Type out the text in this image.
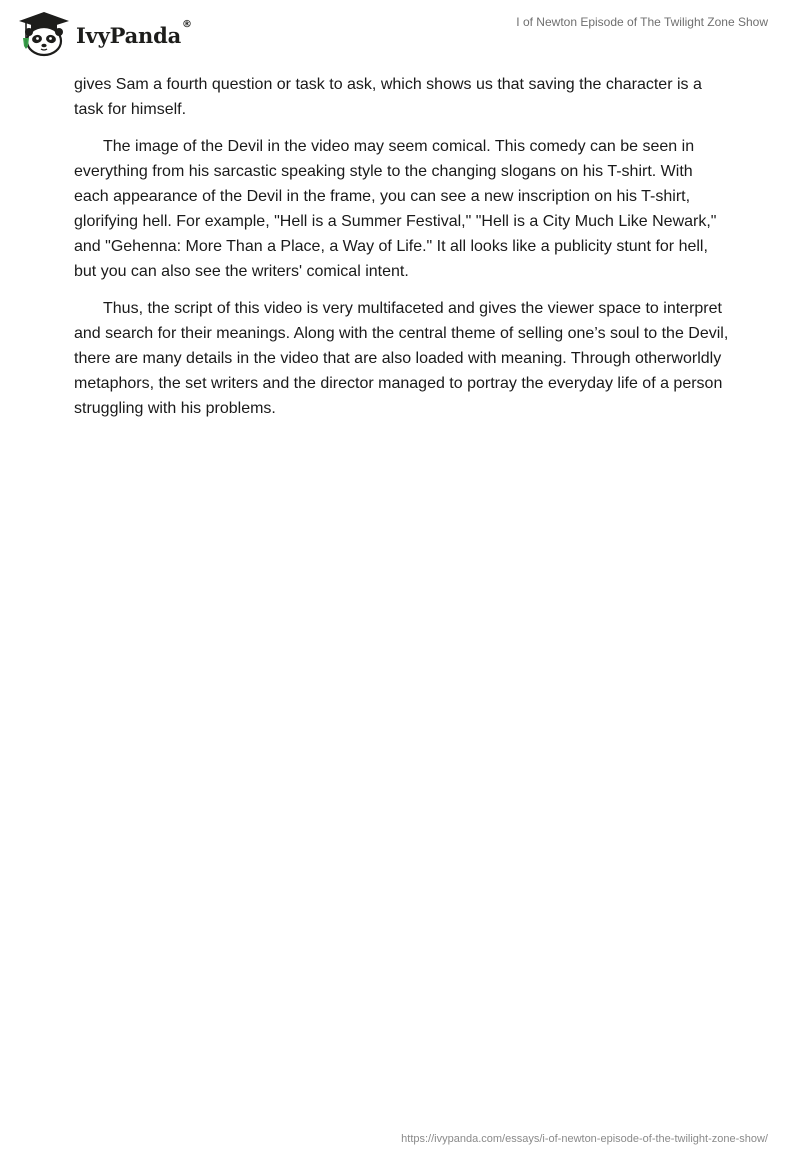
IvyPanda®	I of Newton Episode of The Twilight Zone Show

gives Sam a fourth question or task to ask, which shows us that saving the character is a task for himself.

The image of the Devil in the video may seem comical. This comedy can be seen in everything from his sarcastic speaking style to the changing slogans on his T-shirt. With each appearance of the Devil in the frame, you can see a new inscription on his T-shirt, glorifying hell. For example, "Hell is a Summer Festival," "Hell is a City Much Like Newark," and "Gehenna: More Than a Place, a Way of Life." It all looks like a publicity stunt for hell, but you can also see the writers' comical intent.

Thus, the script of this video is very multifaceted and gives the viewer space to interpret and search for their meanings. Along with the central theme of selling one’s soul to the Devil, there are many details in the video that are also loaded with meaning. Through otherworldly metaphors, the set writers and the director managed to portray the everyday life of a person struggling with his problems.

https://ivypanda.com/essays/i-of-newton-episode-of-the-twilight-zone-show/
